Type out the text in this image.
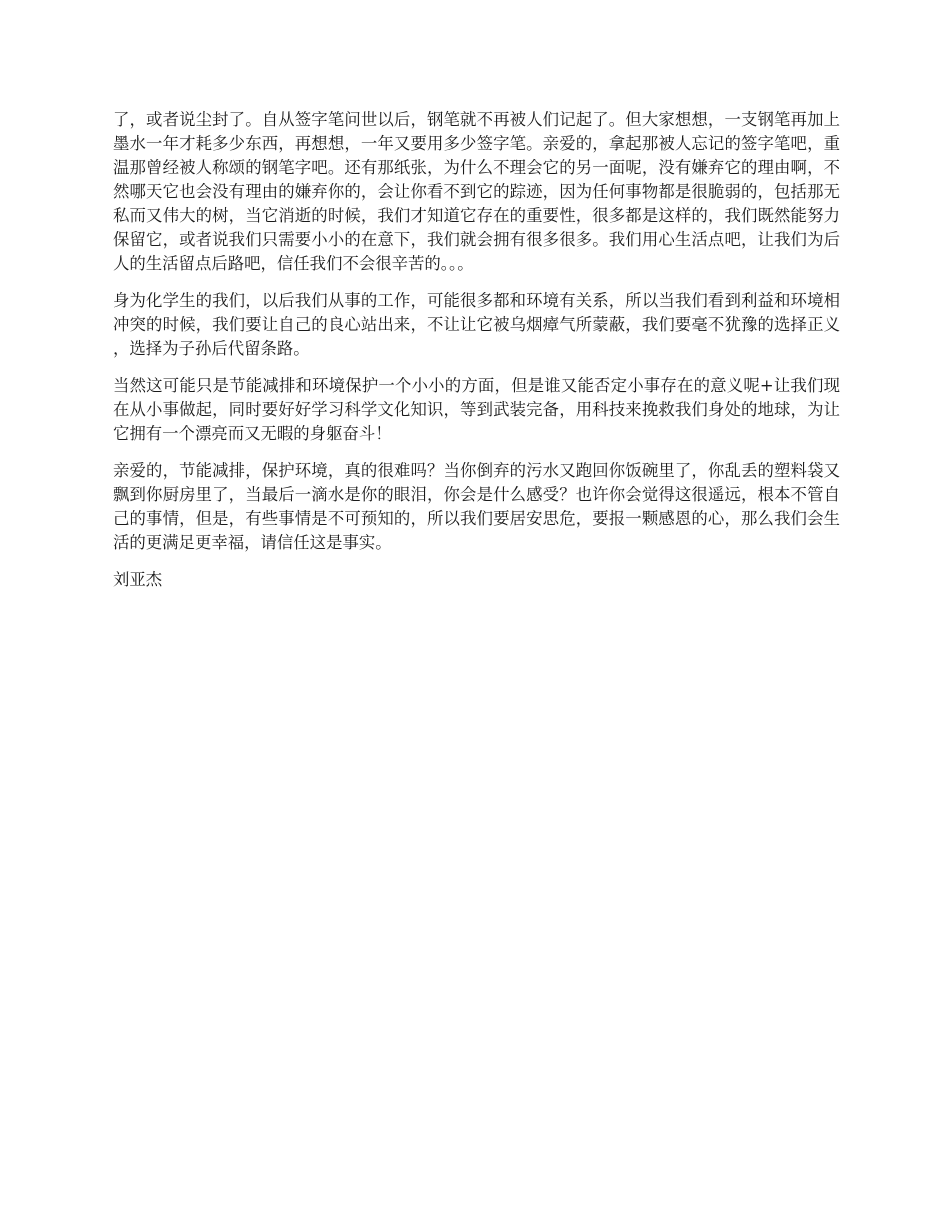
了，或者说尘封了。自从签字笔问世以后，钢笔就不再被人们记起了。但大家想想，一支钢笔再加上墨水一年才耗多少东西，再想想，一年又要用多少签字笔。亲爱的，拿起那被人忘记的签字笔吧，重温那曾经被人称颂的钢笔字吧。还有那纸张，为什么不理会它的另一面呢，没有嫌弃它的理由啊，不然哪天它也会没有理由的嫌弃你的，会让你看不到它的踪迹，因为任何事物都是很脆弱的，包括那无私而又伟大的树，当它消逝的时候，我们才知道它存在的重要性，很多都是这样的，我们既然能努力保留它，或者说我们只需要小小的在意下，我们就会拥有很多很多。我们用心生活点吧，让我们为后人的生活留点后路吧，信任我们不会很辛苦的。。。

身为化学生的我们，以后我们从事的工作，可能很多都和环境有关系，所以当我们看到利益和环境相冲突的时候，我们要让自己的良心站出来，不让让它被乌烟瘴气所蒙蔽，我们要毫不犹豫的选择正义，选择为子孙后代留条路。

当然这可能只是节能减排和环境保护一个小小的方面，但是谁又能否定小事存在的意义呢+让我们现在从小事做起，同时要好好学习科学文化知识，等到武装完备，用科技来挽救我们身处的地球，为让它拥有一个漂亮而又无暇的身躯奋斗！

亲爱的，节能减排，保护环境，真的很难吗？当你倒弃的污水又跑回你饭碗里了，你乱丢的塑料袋又飘到你厨房里了，当最后一滴水是你的眼泪，你会是什么感受？也许你会觉得这很遥远，根本不管自己的事情，但是，有些事情是不可预知的，所以我们要居安思危，要报一颗感恩的心，那么我们会生活的更满足更幸福，请信任这是事实。

刘亚杰
